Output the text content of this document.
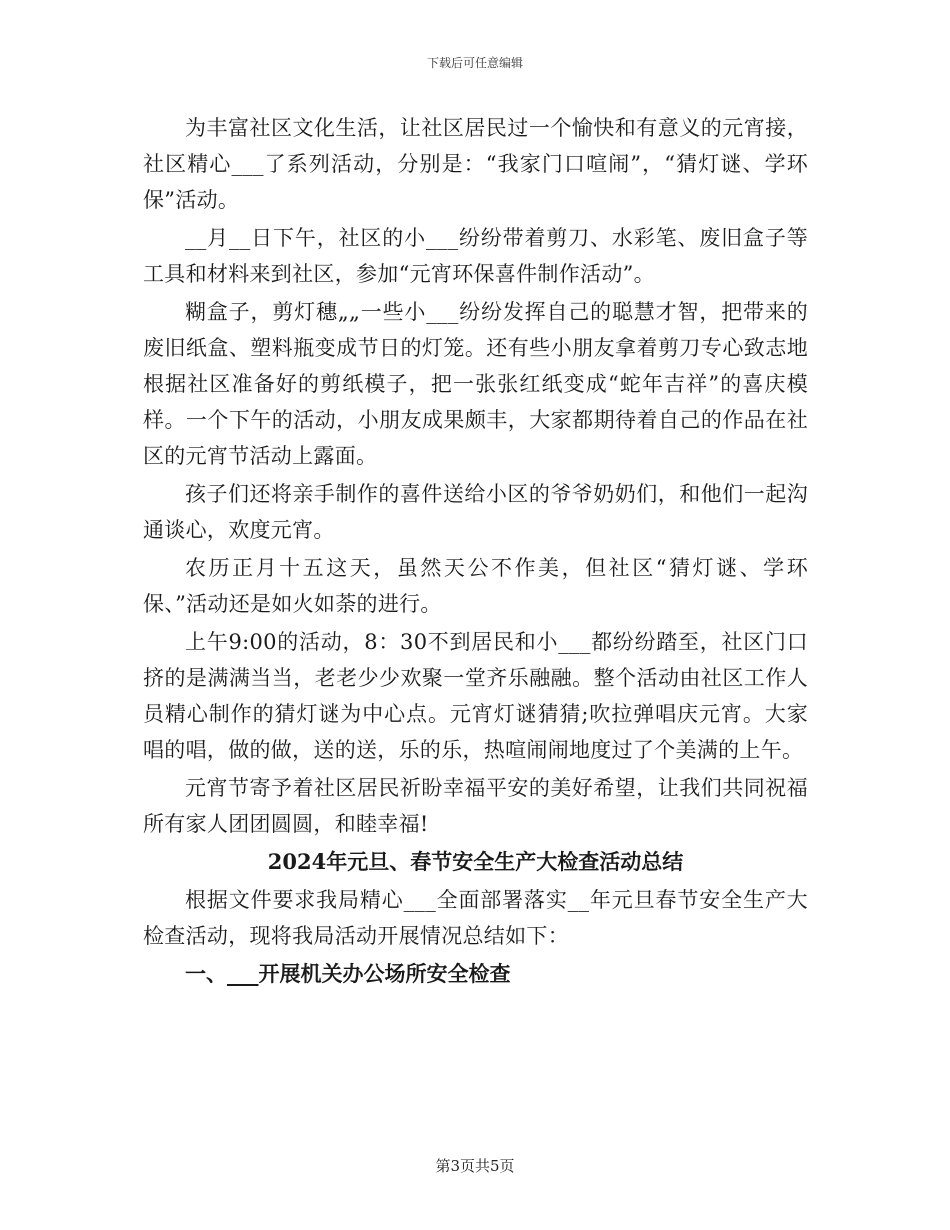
下载后可任意编辑

为丰富社区文化生活，让社区居民过一个愉快和有意义的元宵接，社区精心___了系列活动，分别是：“我家门口喧闹”，“猜灯谜、学环保”活动。

__月__日下午，社区的小___纷纷带着剪刀、水彩笔、废旧盒子等工具和材料来到社区，参加“元宵环保喜件制作活动”。

糊盒子，剪灯穗„„一些小___纷纷发挥自己的聪慧才智，把带来的废旧纸盒、塑料瓶变成节日的灯笼。还有些小朋友拿着剪刀专心致志地根据社区准备好的剪纸模子，把一张张红纸变成“蛇年吉祥”的喜庆模样。一个下午的活动，小朋友成果颇丰，大家都期待着自己的作品在社区的元宵节活动上露面。

孩子们还将亲手制作的喜件送给小区的爷爷奶奶们，和他们一起沟通谈心，欢度元宵。

农历正月十五这天，虽然天公不作美，但社区“猜灯谜、学环保、”活动还是如火如荼的进行。

上午9:00的活动，8：30不到居民和小___都纷纷踏至，社区门口挤的是满满当当，老老少少欢聚一堂齐乐融融。整个活动由社区工作人员精心制作的猜灯谜为中心点。元宵灯谜猜猜;吹拉弹唱庆元宵。大家唱的唱，做的做，送的送，乐的乐，热喧闹闹地度过了个美满的上午。

元宵节寄予着社区居民祈盼幸福平安的美好希望，让我们共同祝福所有家人团团圆圆，和睦幸福!

2024年元旦、春节安全生产大检查活动总结

根据文件要求我局精心___全面部署落实__年元旦春节安全生产大检查活动，现将我局活动开展情况总结如下：

一、___开展机关办公场所安全检查
第3页共5页
